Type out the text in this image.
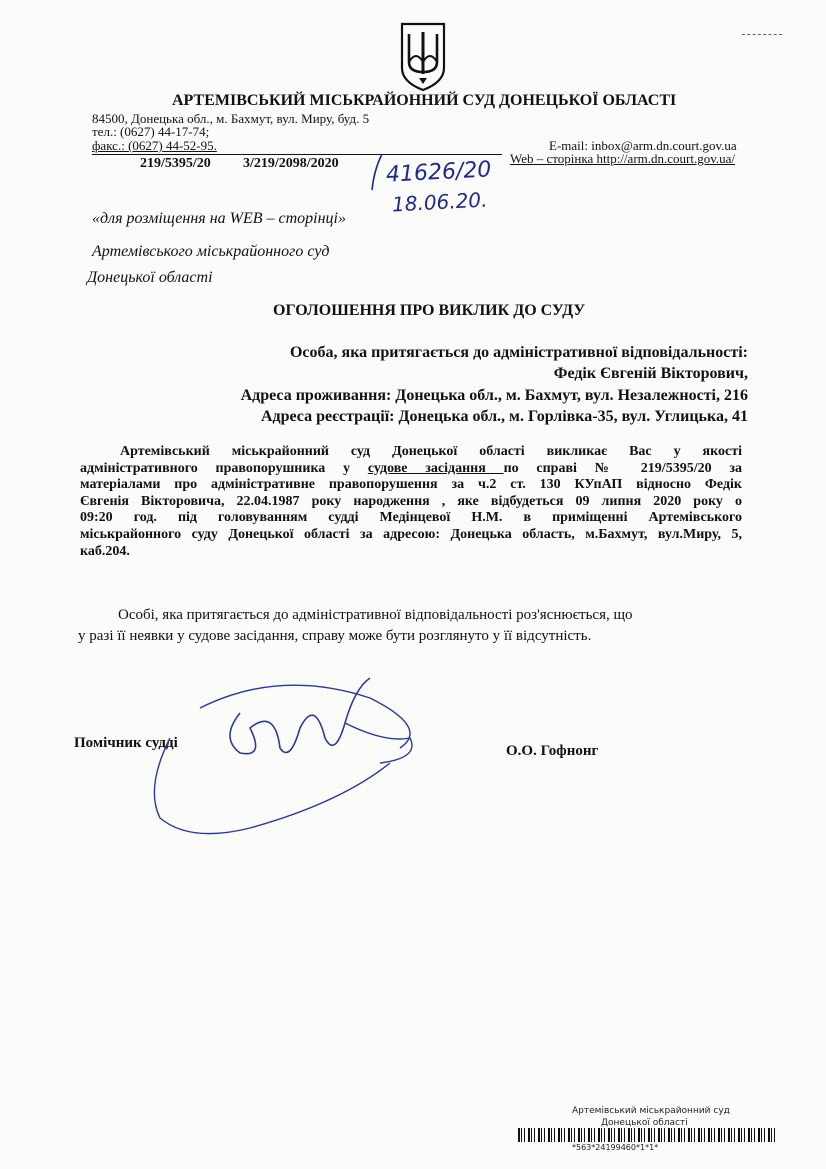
АРТЕМІВСЬКИЙ МІСЬКРАЙОННИЙ СУД ДОНЕЦЬКОЇ ОБЛАСТІ
84500, Донецька обл., м. Бахмут, вул. Миру, буд. 5
тел.: (0627) 44-17-74;
факс.: (0627) 44-52-95.	E-mail: inbox@arm.dn.court.gov.ua
Web – сторінка http://arm.dn.court.gov.ua/
219/5395/20 3/219/2098/2020 41626/20
18.06.20.
«для розміщення на WEB – сторінці»
Артемівського міськрайонного суд
Донецької області
ОГОЛОШЕННЯ ПРО ВИКЛИК ДО СУДУ
Особа, яка притягається до адміністративної відповідальності:
Федік Євгеній Вікторович,
Адреса проживання: Донецька обл., м. Бахмут, вул. Незалежності, 216
Адреса реєстрації: Донецька обл., м. Горлівка-35, вул. Углицька, 41
Артемівський міськрайонний суд Донецької області викликає Вас у якості
адміністративного правопорушника у судове засідання по справі № 219/5395/20 за
матеріалами про адміністративне правопорушення за ч.2 ст. 130 КУпАП відносно Федік
Євгенія Вікторовича, 22.04.1987 року народження , яке відбудеться 09 липня 2020 року о
09:20 год. під головуванням судді Медінцевої Н.М. в приміщенні Артемівського
міськрайонного суду Донецької області за адресою: Донецька область, м.Бахмут, вул.Миру, 5,
каб.204.
Особі, яка притягається до адміністративної відповідальності роз'яснюється, що
у разі її неявки у судове засідання, справу може бути розглянуто у її відсутність.
Помічник судді	О.О. Гофнонг
Артемівський міськрайонний суд
Донецької області
*563*24199460*1*1*
